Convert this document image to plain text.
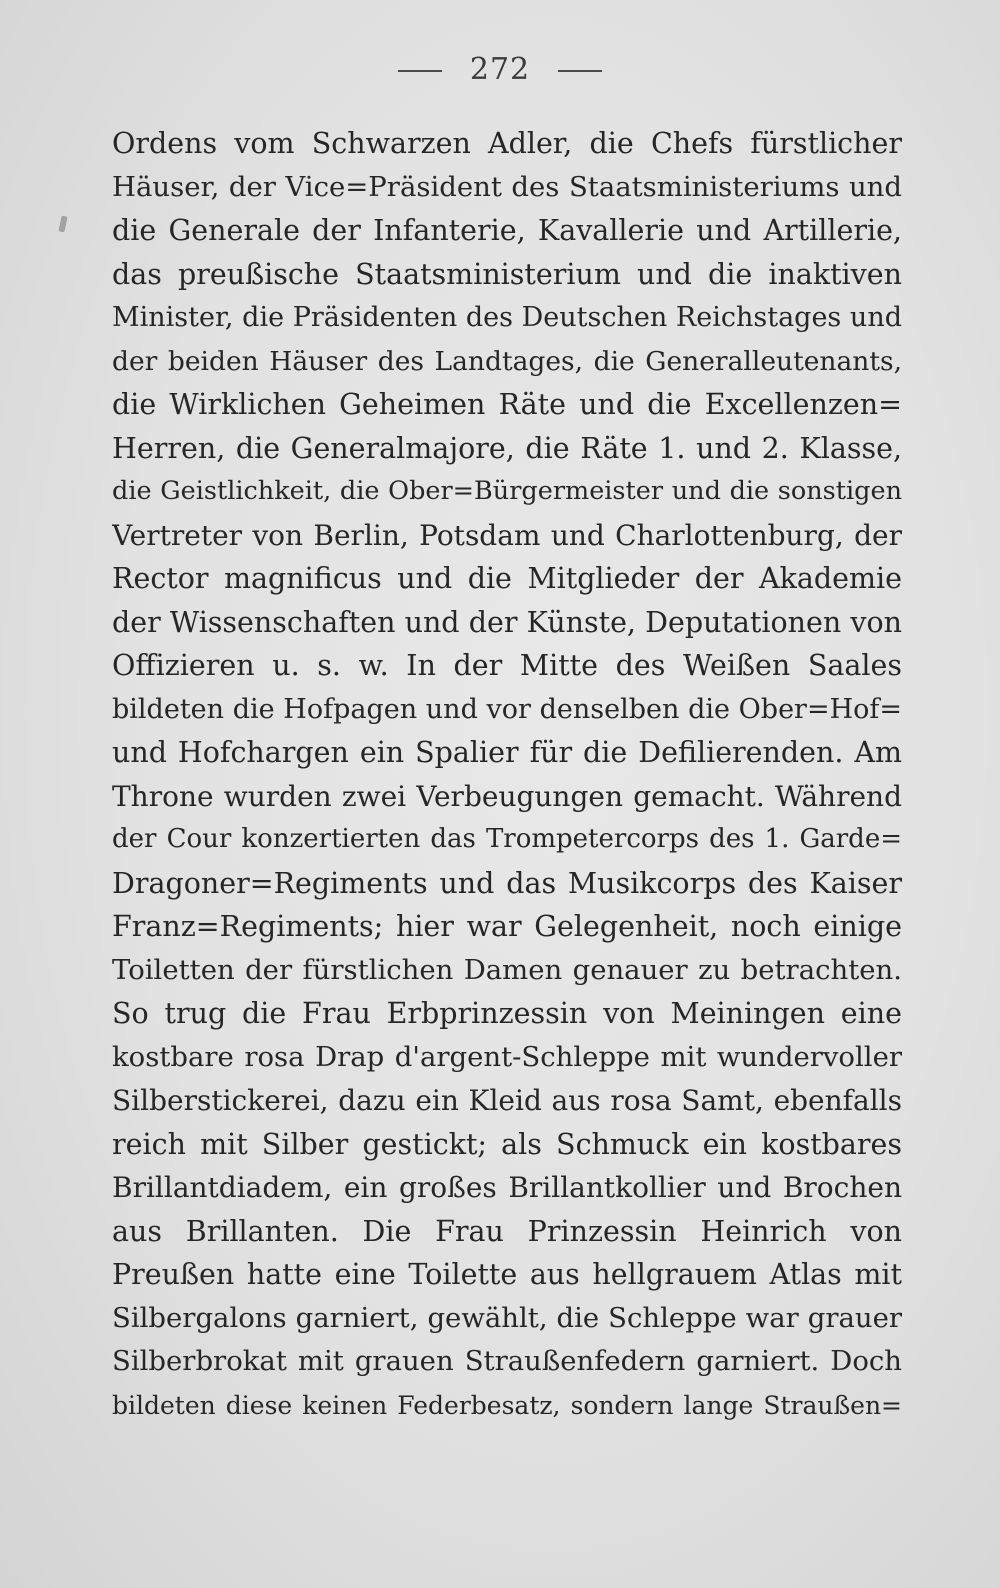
272
Ordens vom Schwarzen Adler, die Chefs fürstlicher
Häuser, der Vice=Präsident des Staatsministeriums und
die Generale der Infanterie, Kavallerie und Artillerie,
das preußische Staatsministerium und die inaktiven
Minister, die Präsidenten des Deutschen Reichstages und
der beiden Häuser des Landtages, die Generalleutenants,
die Wirklichen Geheimen Räte und die Excellenzen=
Herren, die Generalmajore, die Räte 1. und 2. Klasse,
die Geistlichkeit, die Ober=Bürgermeister und die sonstigen
Vertreter von Berlin, Potsdam und Charlottenburg, der
Rector magnificus und die Mitglieder der Akademie
der Wissenschaften und der Künste, Deputationen von
Offizieren u. s. w. In der Mitte des Weißen Saales
bildeten die Hofpagen und vor denselben die Ober=Hof=
und Hofchargen ein Spalier für die Defilierenden. Am
Throne wurden zwei Verbeugungen gemacht. Während
der Cour konzertierten das Trompetercorps des 1. Garde=
Dragoner=Regiments und das Musikcorps des Kaiser
Franz=Regiments; hier war Gelegenheit, noch einige
Toiletten der fürstlichen Damen genauer zu betrachten.
So trug die Frau Erbprinzessin von Meiningen eine
kostbare rosa Drap d'argent-Schleppe mit wundervoller
Silberstickerei, dazu ein Kleid aus rosa Samt, ebenfalls
reich mit Silber gestickt; als Schmuck ein kostbares
Brillantdiadem, ein großes Brillantkollier und Brochen
aus Brillanten. Die Frau Prinzessin Heinrich von
Preußen hatte eine Toilette aus hellgrauem Atlas mit
Silbergalons garniert, gewählt, die Schleppe war grauer
Silberbrokat mit grauen Straußenfedern garniert. Doch
bildeten diese keinen Federbesatz, sondern lange Straußen=
